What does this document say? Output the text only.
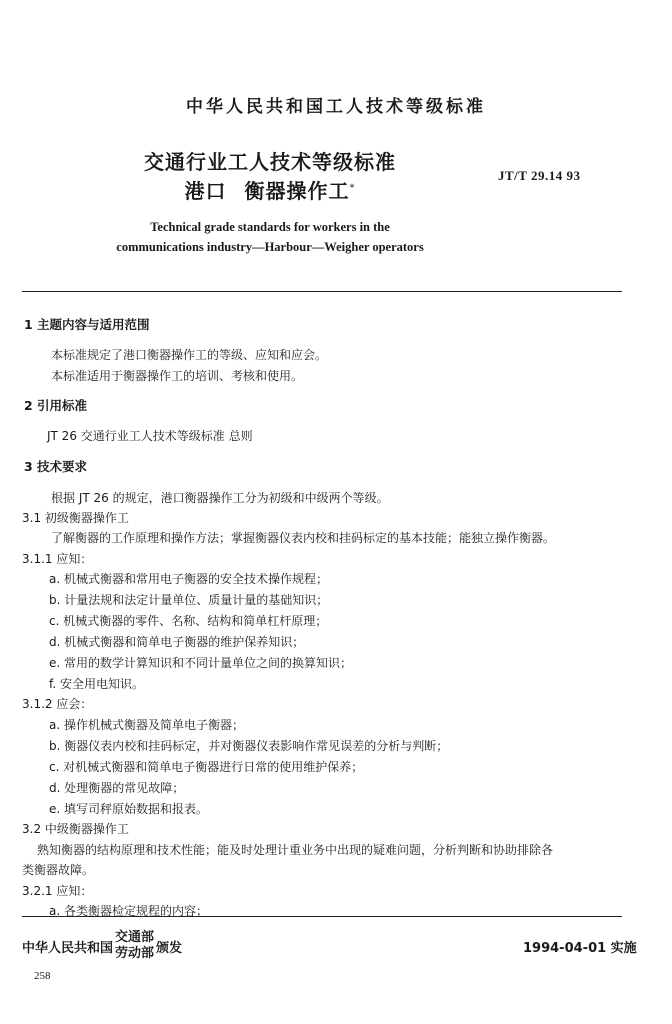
中华人民共和国工人技术等级标准
交通行业工人技术等级标准
港口 衡器操作工*
JT/T 29.14 93
Technical grade standards for workers in the
communications industry—Harbour—Weigher operators
1 主题内容与适用范围
本标准规定了港口衡器操作工的等级、应知和应会。
本标准适用于衡器操作工的培训、考核和使用。
2 引用标准
JT 26 交通行业工人技术等级标准 总则
3 技术要求
根据 JT 26 的规定，港口衡器操作工分为初级和中级两个等级。
3.1 初级衡器操作工
了解衡器的工作原理和操作方法；掌握衡器仪表内校和挂码标定的基本技能；能独立操作衡器。
3.1.1 应知：
a. 机械式衡器和常用电子衡器的安全技术操作规程；
b. 计量法规和法定计量单位、质量计量的基础知识；
c. 机械式衡器的零件、名称、结构和简单杠杆原理；
d. 机械式衡器和简单电子衡器的维护保养知识；
e. 常用的数学计算知识和不同计量单位之间的换算知识；
f. 安全用电知识。
3.1.2 应会：
a. 操作机械式衡器及简单电子衡器；
b. 衡器仪表内校和挂码标定，并对衡器仪表影响作常见误差的分析与判断；
c. 对机械式衡器和简单电子衡器进行日常的使用维护保养；
d. 处理衡器的常见故障；
e. 填写司秤原始数据和报表。
3.2 中级衡器操作工
熟知衡器的结构原理和技术性能；能及时处理计重业务中出现的疑难问题，分析判断和协助排除各
类衡器故障。
3.2.1 应知：
a. 各类衡器检定规程的内容；
中华人民共和国
交通部
劳动部 颁发	1994-04-01 实施
258
